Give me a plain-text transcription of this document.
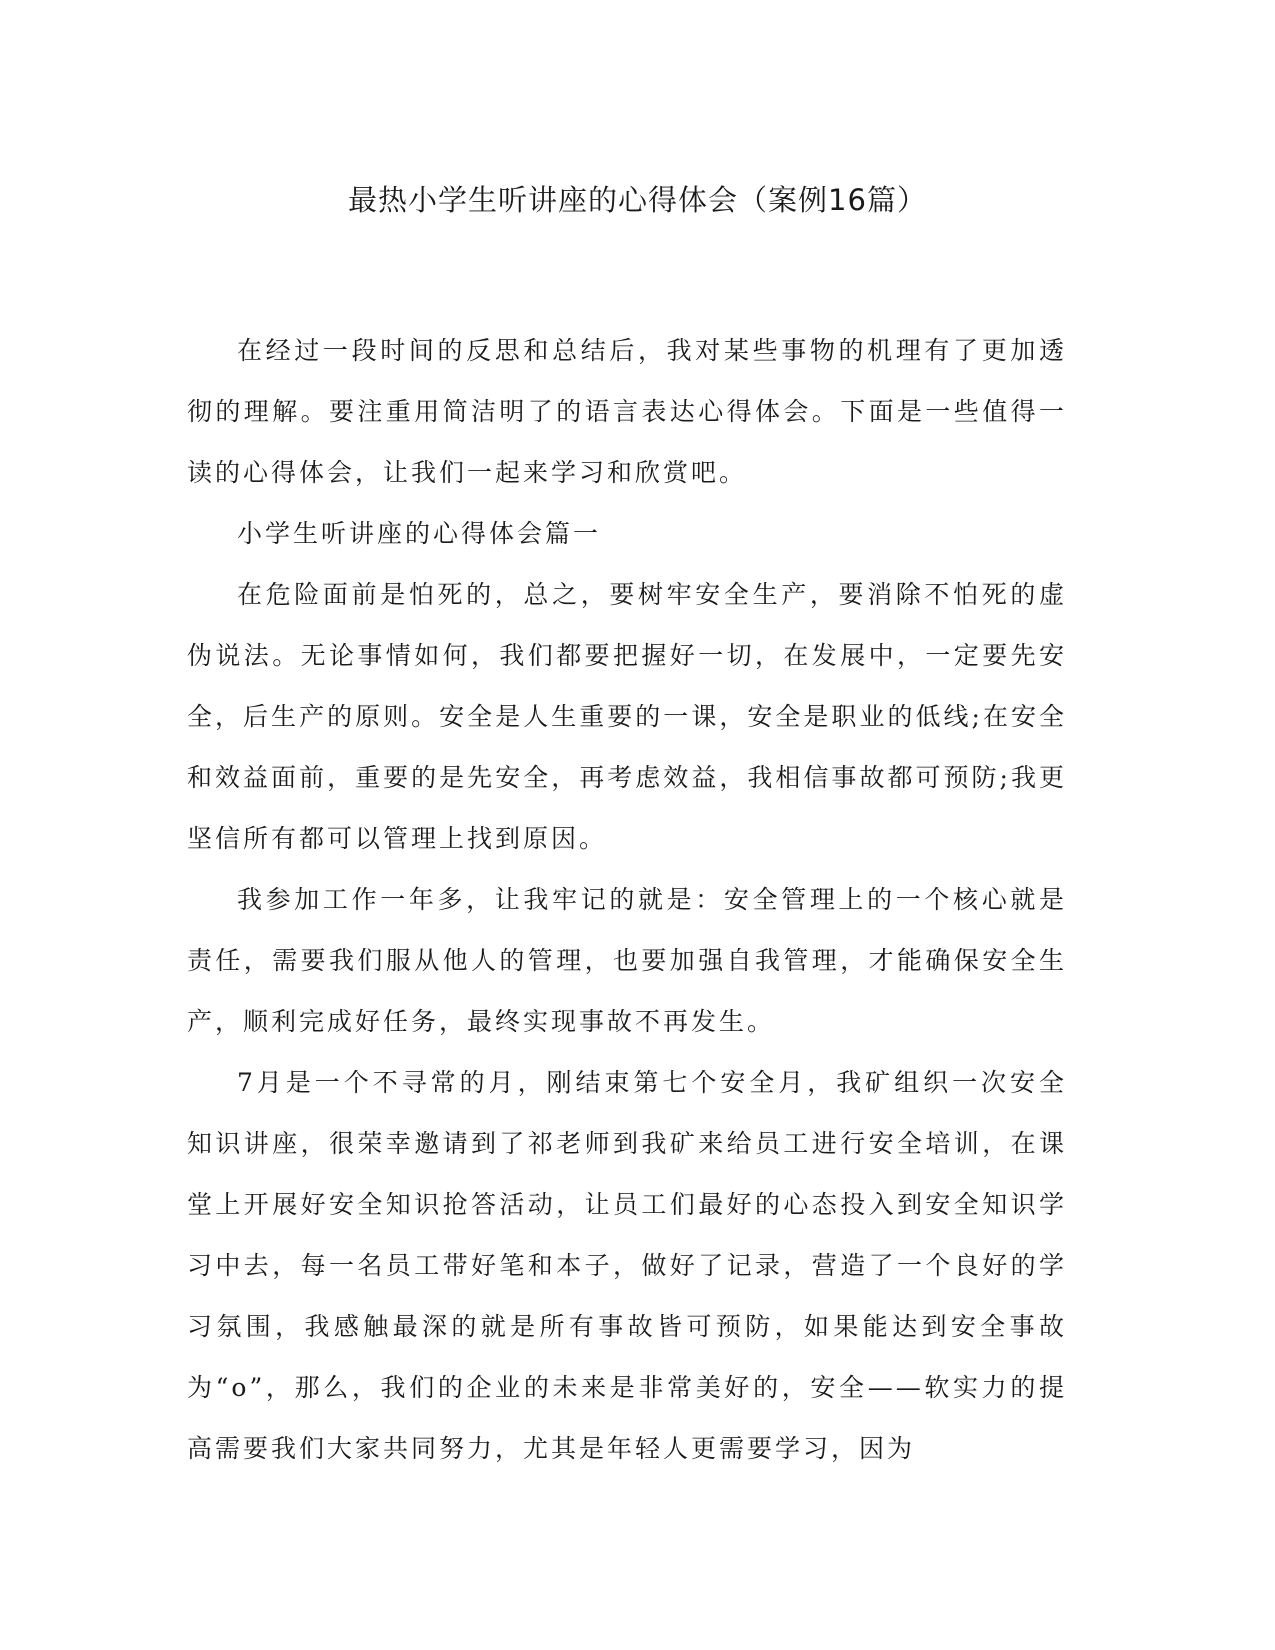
最热小学生听讲座的心得体会（案例16篇）

在经过一段时间的反思和总结后，我对某些事物的机理有了更加透彻的理解。要注重用简洁明了的语言表达心得体会。下面是一些值得一读的心得体会，让我们一起来学习和欣赏吧。

小学生听讲座的心得体会篇一

在危险面前是怕死的，总之，要树牢安全生产，要消除不怕死的虚伪说法。无论事情如何，我们都要把握好一切，在发展中，一定要先安全，后生产的原则。安全是人生重要的一课，安全是职业的低线;在安全和效益面前，重要的是先安全，再考虑效益，我相信事故都可预防;我更坚信所有都可以管理上找到原因。

我参加工作一年多，让我牢记的就是：安全管理上的一个核心就是责任，需要我们服从他人的管理，也要加强自我管理，才能确保安全生产，顺利完成好任务，最终实现事故不再发生。

7月是一个不寻常的月，刚结束第七个安全月，我矿组织一次安全知识讲座，很荣幸邀请到了祁老师到我矿来给员工进行安全培训，在课堂上开展好安全知识抢答活动，让员工们最好的心态投入到安全知识学习中去，每一名员工带好笔和本子，做好了记录，营造了一个良好的学习氛围，我感触最深的就是所有事故皆可预防，如果能达到安全事故为“o”，那么，我们的企业的未来是非常美好的，安全——软实力的提高需要我们大家共同努力，尤其是年轻人更需要学习，因为
